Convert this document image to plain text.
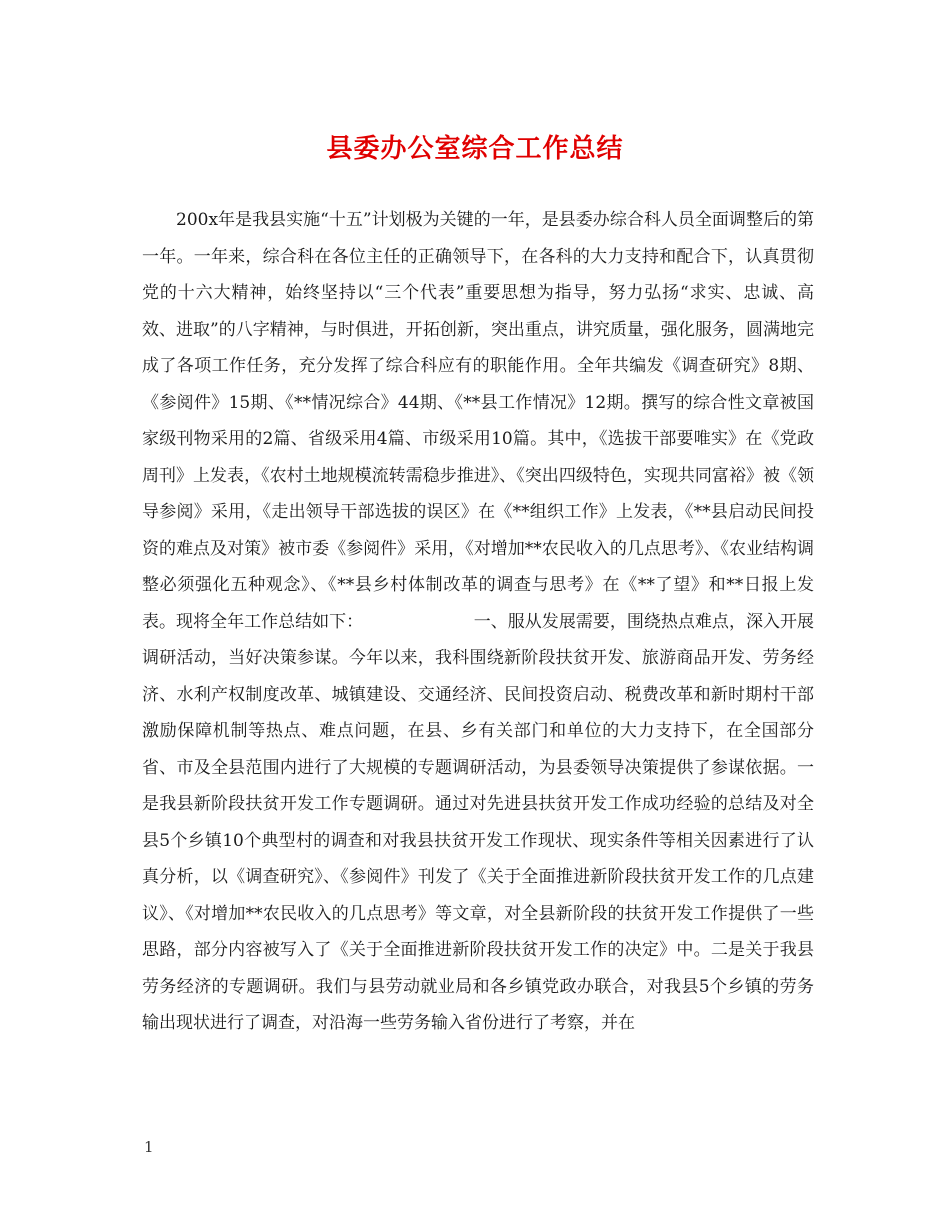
县委办公室综合工作总结

200x年是我县实施“十五”计划极为关键的一年，是县委办综合科人员全面调整后的第一年。一年来，综合科在各位主任的正确领导下，在各科的大力支持和配合下，认真贯彻党的十六大精神，始终坚持以“三个代表”重要思想为指导，努力弘扬“求实、忠诚、高效、进取”的八字精神，与时俱进，开拓创新，突出重点，讲究质量，强化服务，圆满地完成了各项工作任务，充分发挥了综合科应有的职能作用。全年共编发《调查研究》8期、《参阅件》15期、《**情况综合》44期、《**县工作情况》12期。撰写的综合性文章被国家级刊物采用的2篇、省级采用4篇、市级采用10篇。其中，《选拔干部要唯实》在《党政周刊》上发表，《农村土地规模流转需稳步推进》、《突出四级特色，实现共同富裕》被《领导参阅》采用，《走出领导干部选拔的误区》在《**组织工作》上发表，《**县启动民间投资的难点及对策》被市委《参阅件》采用，《对增加**农民收入的几点思考》、《农业结构调整必须强化五种观念》、《**县乡村体制改革的调查与思考》在《**了望》和**日报上发表。现将全年工作总结如下：　　　　　　　一、服从发展需要，围绕热点难点，深入开展调研活动，当好决策参谋。今年以来，我科围绕新阶段扶贫开发、旅游商品开发、劳务经济、水利产权制度改革、城镇建设、交通经济、民间投资启动、税费改革和新时期村干部激励保障机制等热点、难点问题，在县、乡有关部门和单位的大力支持下，在全国部分省、市及全县范围内进行了大规模的专题调研活动，为县委领导决策提供了参谋依据。一是我县新阶段扶贫开发工作专题调研。通过对先进县扶贫开发工作成功经验的总结及对全县5个乡镇10个典型村的调查和对我县扶贫开发工作现状、现实条件等相关因素进行了认真分析，以《调查研究》、《参阅件》刊发了《关于全面推进新阶段扶贫开发工作的几点建议》、《对增加**农民收入的几点思考》等文章，对全县新阶段的扶贫开发工作提供了一些思路，部分内容被写入了《关于全面推进新阶段扶贫开发工作的决定》中。二是关于我县劳务经济的专题调研。我们与县劳动就业局和各乡镇党政办联合，对我县5个乡镇的劳务输出现状进行了调查，对沿海一些劳务输入省份进行了考察，并在

1
